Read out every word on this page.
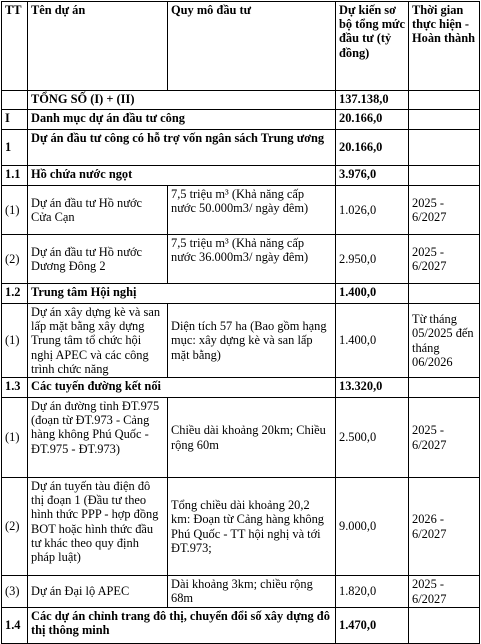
TT	Tên dự án	Quy mô đầu tư	Dự kiến sơ bộ tổng mức đầu tư (tỷ đồng)	Thời gian thực hiện - Hoàn thành
	TỔNG SỐ (I) + (II)		137.138,0	
I	Danh mục dự án đầu tư công		20.166,0	
1	Dự án đầu tư công có hỗ trợ vốn ngân sách Trung ương		20.166,0	
1.1	Hồ chứa nước ngọt		3.976,0	
(1)	Dự án đầu tư Hồ nước Cửa Cạn	7,5 triệu m³ (Khả năng cấp nước 50.000m3/ ngày đêm)	1.026,0	2025 - 6/2027
(2)	Dự án đầu tư Hồ nước Dương Đông 2	7,5 triệu m³ (Khả năng cấp nước 36.000m3/ ngày đêm)	2.950,0	2025 - 6/2027
1.2	Trung tâm Hội nghị		1.400,0	
(1)	Dự án xây dựng kè và san lấp mặt bằng xây dựng Trung tâm tổ chức hội nghị APEC và các công trình chức năng	Diện tích 57 ha (Bao gồm hạng mục: xây dựng kè và san lấp mặt bằng)	1.400,0	Từ tháng 05/2025 đến tháng 06/2026
1.3	Các tuyến đường kết nối		13.320,0	
(1)	Dự án đường tỉnh ĐT.975 (đoạn từ ĐT.973 - Cảng hàng không Phú Quốc - ĐT.975 - ĐT.973)	Chiều dài khoảng 20km; Chiều rộng 60m	2.500,0	2025 - 6/2027
(2)	Dự án tuyến tàu điện đô thị đoạn 1 (Đầu tư theo hình thức PPP - hợp đồng BOT hoặc hình thức đầu tư khác theo quy định pháp luật)	Tổng chiều dài khoảng 20,2 km: Đoạn từ Cảng hàng không Phú Quốc - TT hội nghị và tới ĐT.973;	9.000,0	2026 - 6/2027
(3)	Dự án Đại lộ APEC	Dài khoảng 3km; chiều rộng 68m	1.820,0	2025 - 6/2027
1.4	Các dự án chỉnh trang đô thị, chuyển đổi số xây dựng đô thị thông minh		1.470,0	
